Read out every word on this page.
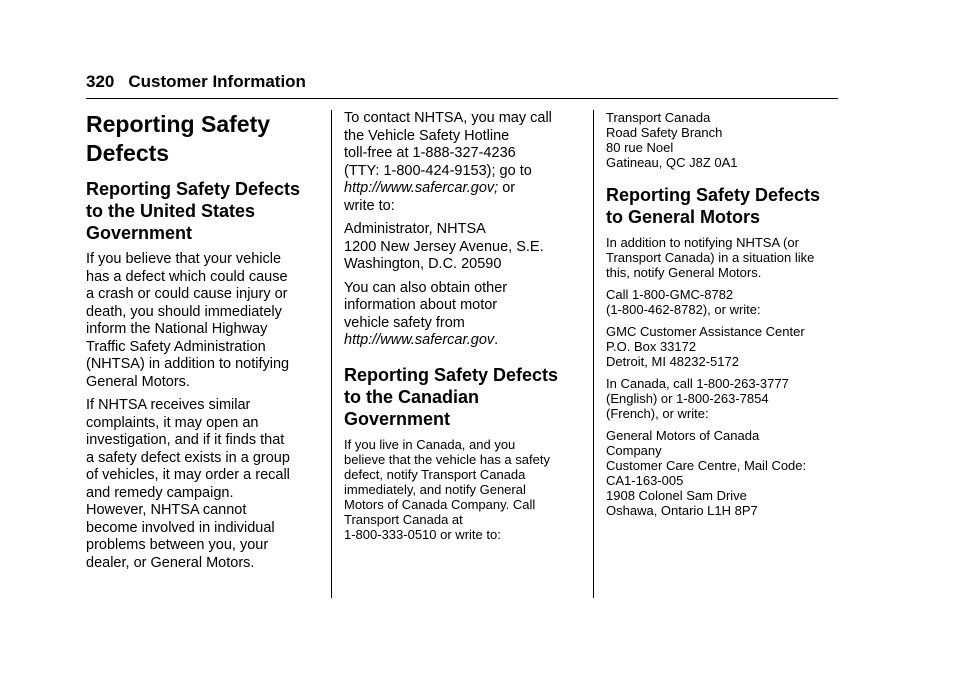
320 Customer Information
Reporting Safety
Defects
Reporting Safety Defects
to the United States
Government

If you believe that your vehicle
has a defect which could cause
a crash or could cause injury or
death, you should immediately
inform the National Highway
Traffic Safety Administration
(NHTSA) in addition to notifying
General Motors.

If NHTSA receives similar
complaints, it may open an
investigation, and if it finds that
a safety defect exists in a group
of vehicles, it may order a recall
and remedy campaign.
However, NHTSA cannot
become involved in individual
problems between you, your
dealer, or General Motors.

To contact NHTSA, you may call
the Vehicle Safety Hotline
toll-free at 1-888-327-4236
(TTY: 1-800-424-9153); go to
http://www.safercar.gov; or
write to:

Administrator, NHTSA
1200 New Jersey Avenue, S.E.
Washington, D.C. 20590

You can also obtain other
information about motor
vehicle safety from
http://www.safercar.gov.

Reporting Safety Defects
to the Canadian
Government

If you live in Canada, and you
believe that the vehicle has a safety
defect, notify Transport Canada
immediately, and notify General
Motors of Canada Company. Call
Transport Canada at
1-800-333-0510 or write to:

Transport Canada
Road Safety Branch
80 rue Noel
Gatineau, QC J8Z 0A1

Reporting Safety Defects
to General Motors

In addition to notifying NHTSA (or
Transport Canada) in a situation like
this, notify General Motors.

Call 1-800-GMC-8782
(1-800-462-8782), or write:

GMC Customer Assistance Center
P.O. Box 33172
Detroit, MI 48232-5172

In Canada, call 1-800-263-3777
(English) or 1-800-263-7854
(French), or write:

General Motors of Canada
Company
Customer Care Centre, Mail Code:
CA1-163-005
1908 Colonel Sam Drive
Oshawa, Ontario L1H 8P7
